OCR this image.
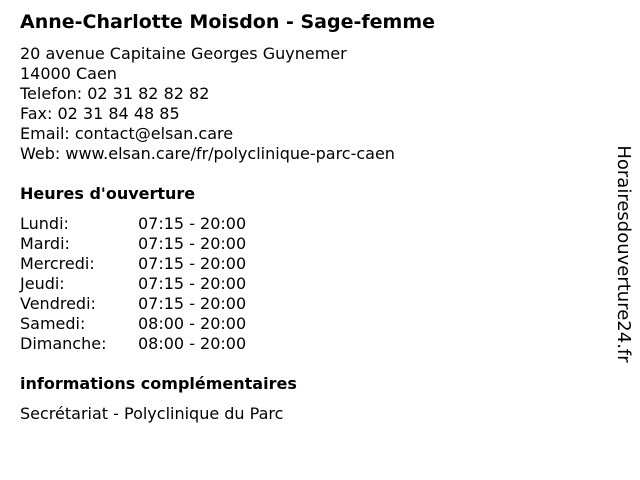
Anne-Charlotte Moisdon - Sage-femme
20 avenue Capitaine Georges Guynemer
14000 Caen
Telefon: 02 31 82 82 82
Fax: 02 31 84 48 85
Email: contact@elsan.care
Web: www.elsan.care/fr/polyclinique-parc-caen
Heures d'ouverture
Lundi:	07:15 - 20:00
Mardi:	07:15 - 20:00
Mercredi:	07:15 - 20:00
Jeudi:	07:15 - 20:00
Vendredi:	07:15 - 20:00
Samedi:	08:00 - 20:00
Dimanche: 08:00 - 20:00
informations complémentaires
Secrétariat - Polyclinique du Parc
Horairesdouverture24.fr
